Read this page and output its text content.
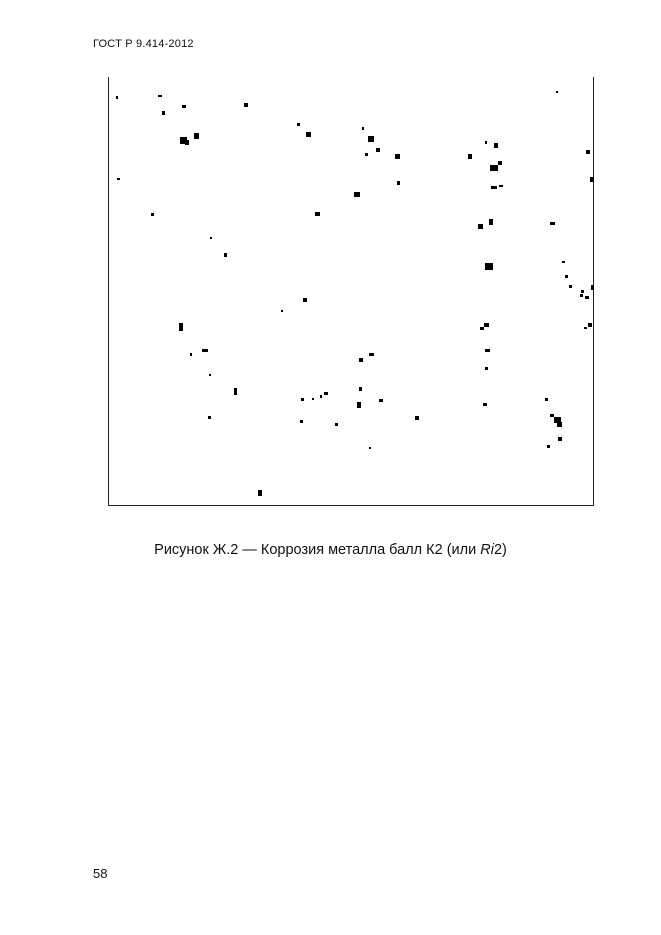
ГОСТ Р 9.414-2012
Рисунок Ж.2 — Коррозия металла балл К2 (или Ri2)
58
